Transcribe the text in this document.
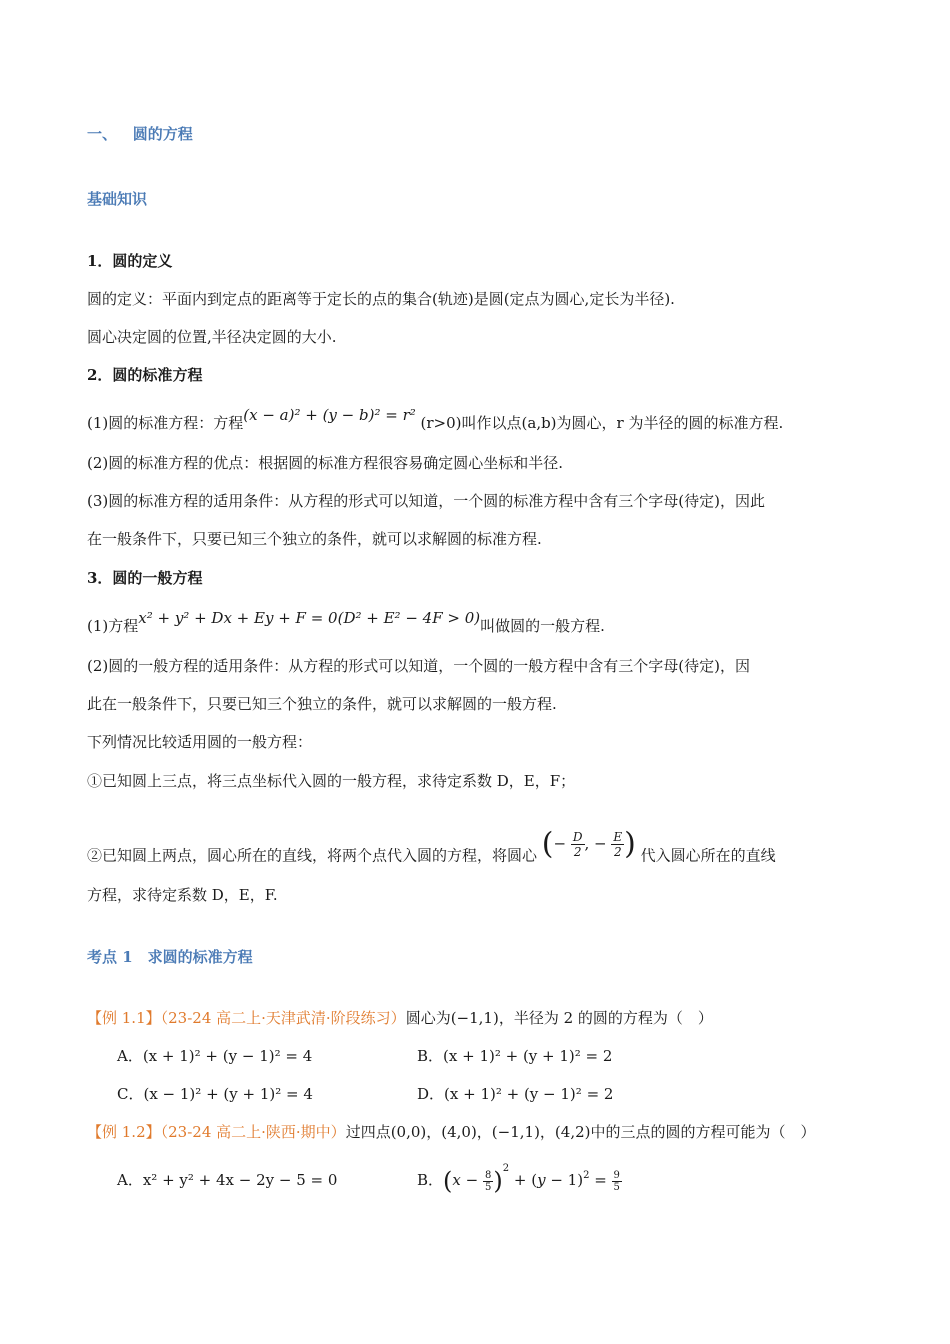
一、 圆的方程
基础知识
1．圆的定义
圆的定义：平面内到定点的距离等于定长的点的集合(轨迹)是圆(定点为圆心,定长为半径).
圆心决定圆的位置,半径决定圆的大小.
2．圆的标准方程
(1)圆的标准方程：方程(x − a)² + (y − b)² = r² (r>0)叫作以点(a,b)为圆心，r 为半径的圆的标准方程.
(2)圆的标准方程的优点：根据圆的标准方程很容易确定圆心坐标和半径.
(3)圆的标准方程的适用条件：从方程的形式可以知道，一个圆的标准方程中含有三个字母(待定)，因此
在一般条件下，只要已知三个独立的条件，就可以求解圆的标准方程.
3．圆的一般方程
(1)方程x² + y² + Dx + Ey + F = 0(D² + E² − 4F > 0)叫做圆的一般方程.
(2)圆的一般方程的适用条件：从方程的形式可以知道，一个圆的一般方程中含有三个字母(待定)，因
此在一般条件下，只要已知三个独立的条件，就可以求解圆的一般方程.
下列情况比较适用圆的一般方程：
①已知圆上三点，将三点坐标代入圆的一般方程，求待定系数 D，E，F；
②已知圆上两点，圆心所在的直线，将两个点代入圆的方程，将圆心 (− $\frac{D}{2}$ , − $\frac{E}{2}$ ) 代入圆心所在的直线
方程，求待定系数 D，E，F.
考点 1　求圆的标准方程
【例 1.1】（23-24 高二上·天津武清·阶段练习）圆心为(−1,1)，半径为 2 的圆的方程为（　）
A．(x + 1)² + (y − 1)² = 4	B．(x + 1)² + (y + 1)² = 2
C．(x − 1)² + (y + 1)² = 4	D．(x + 1)² + (y − 1)² = 2
【例 1.2】（23-24 高二上·陕西·期中）过四点(0,0)，(4,0)，(−1,1)，(4,2)中的三点的圆的方程可能为（　）
A．x² + y² + 4x − 2y − 5 = 0	B．$(x - \frac{8}{5} )^2 + (y - 1)^2 = \frac{9}{5}$
